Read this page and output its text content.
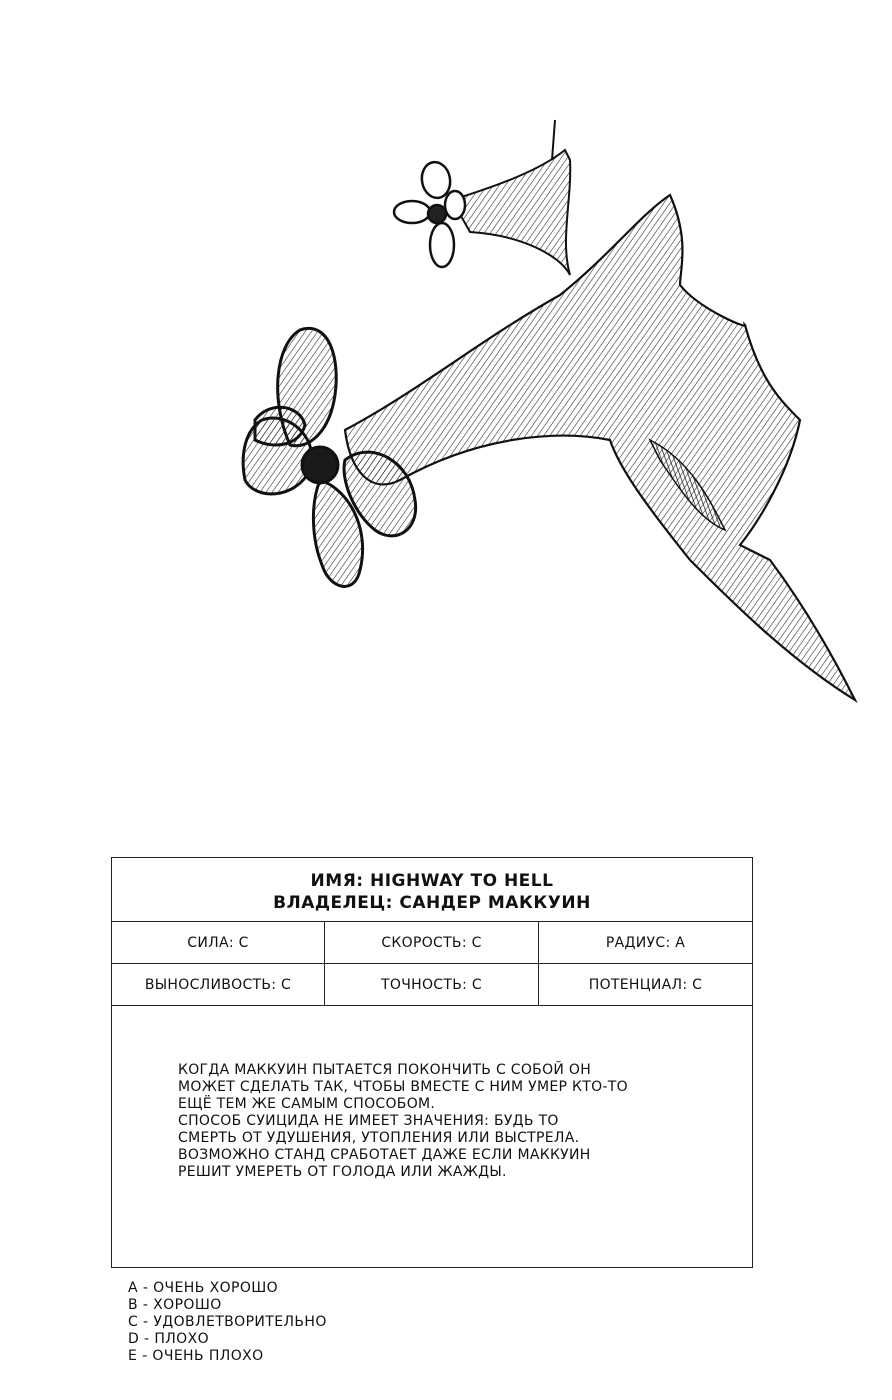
ИМЯ: HIGHWAY TO HELL
ВЛАДЕЛЕЦ: САНДЕР МАККУИН
СИЛА: C	СКОРОСТЬ: C	РАДИУС: A
ВЫНОСЛИВОСТЬ: C	ТОЧНОСТЬ: C	ПОТЕНЦИАЛ: C
КОГДА МАККУИН ПЫТАЕТСЯ ПОКОНЧИТЬ С СОБОЙ ОН
МОЖЕТ СДЕЛАТЬ ТАК, ЧТОБЫ ВМЕСТЕ С НИМ УМЕР КТО-ТО
ЕЩЁ ТЕМ ЖЕ САМЫМ СПОСОБОМ.
СПОСОБ СУИЦИДА НЕ ИМЕЕТ ЗНАЧЕНИЯ: БУДЬ ТО
СМЕРТЬ ОТ УДУШЕНИЯ, УТОПЛЕНИЯ ИЛИ ВЫСТРЕЛА.
ВОЗМОЖНО СТАНД СРАБОТАЕТ ДАЖЕ ЕСЛИ МАККУИН
РЕШИТ УМЕРЕТЬ ОТ ГОЛОДА ИЛИ ЖАЖДЫ.
A - ОЧЕНЬ ХОРОШО
B - ХОРОШО
C - УДОВЛЕТВОРИТЕЛЬНО
D - ПЛОХО
E - ОЧЕНЬ ПЛОХО
